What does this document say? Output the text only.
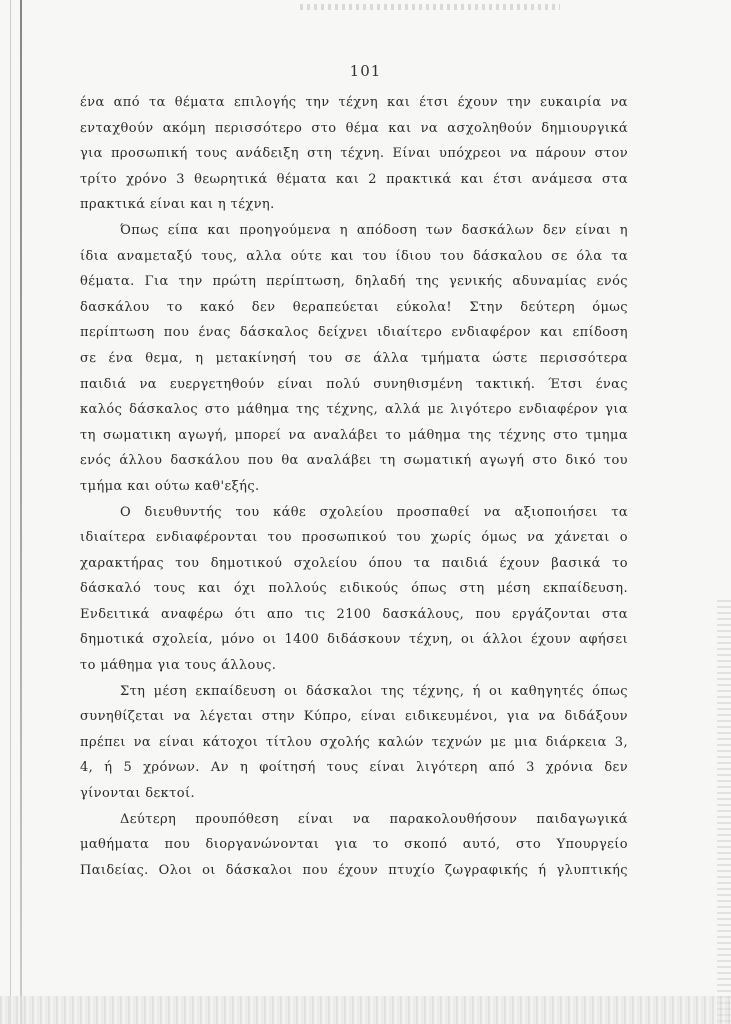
101
ένα από τα θέματα επιλογής την τέχνη και έτσι έχουν την ευκαιρία να
ενταχθούν ακόμη περισσότερο στο θέμα και να ασχοληθούν δημιουργικά
για προσωπική τους ανάδειξη στη τέχνη. Είναι υπόχρεοι να πάρουν στον
τρίτο χρόνο 3 θεωρητικά θέματα και 2 πρακτικά και έτσι ανάμεσα στα
πρακτικά είναι και η τέχνη.
Όπως είπα και προηγούμενα η απόδοση των δασκάλων δεν είναι η
ίδια αναμεταξύ τους, αλλα ούτε και του ίδιου του δάσκαλου σε όλα τα
θέματα. Για την πρώτη περίπτωση, δηλαδή της γενικής αδυναμίας ενός
δασκάλου το κακό δεν θεραπεύεται εύκολα! Στην δεύτερη όμως
περίπτωση που ένας δάσκαλος δείχνει ιδιαίτερο ενδιαφέρον και επίδοση
σε ένα θεμα, η μετακίνησή του σε άλλα τμήματα ώστε περισσότερα
παιδιά να ευεργετηθούν είναι πολύ συνηθισμένη τακτική. Έτσι ένας
καλός δάσκαλος στο μάθημα της τέχνης, αλλά με λιγότερο ενδιαφέρον για
τη σωματικη αγωγή, μπορεί να αναλάβει το μάθημα της τέχνης στο τμημα
ενός άλλου δασκάλου που θα αναλάβει τη σωματική αγωγή στο δικό του
τμήμα και ούτω καθ'εξής.
Ο διευθυντής του κάθε σχολείου προσπαθεί να αξιοποιήσει τα
ιδιαίτερα ενδιαφέρονται του προσωπικού του χωρίς όμως να χάνεται ο
χαρακτήρας του δημοτικού σχολείου όπου τα παιδιά έχουν βασικά το
δάσκαλό τους και όχι πολλούς ειδικούς όπως στη μέση εκπαίδευση.
Ενδειτικά αναφέρω ότι απο τις 2100 δασκάλους, που εργάζονται στα
δημοτικά σχολεία, μόνο οι 1400 διδάσκουν τέχνη, οι άλλοι έχουν αφήσει
το μάθημα για τους άλλους.
Στη μέση εκπαίδευση οι δάσκαλοι της τέχνης, ή οι καθηγητές όπως
συνηθίζεται να λέγεται στην Κύπρο, είναι ειδικευμένοι, για να διδάξουν
πρέπει να είναι κάτοχοι τίτλου σχολής καλών τεχνών με μια διάρκεια 3,
4, ή 5 χρόνων. Αν η φοίτησή τους είναι λιγότερη από 3 χρόνια δεν
γίνονται δεκτοί.
Δεύτερη προυπόθεση είναι να παρακολουθήσουν παιδαγωγικά
μαθήματα που διοργανώνονται για το σκοπό αυτό, στο Υπουργείο
Παιδείας. Ολοι οι δάσκαλοι που έχουν πτυχίο ζωγραφικής ή γλυπτικής
